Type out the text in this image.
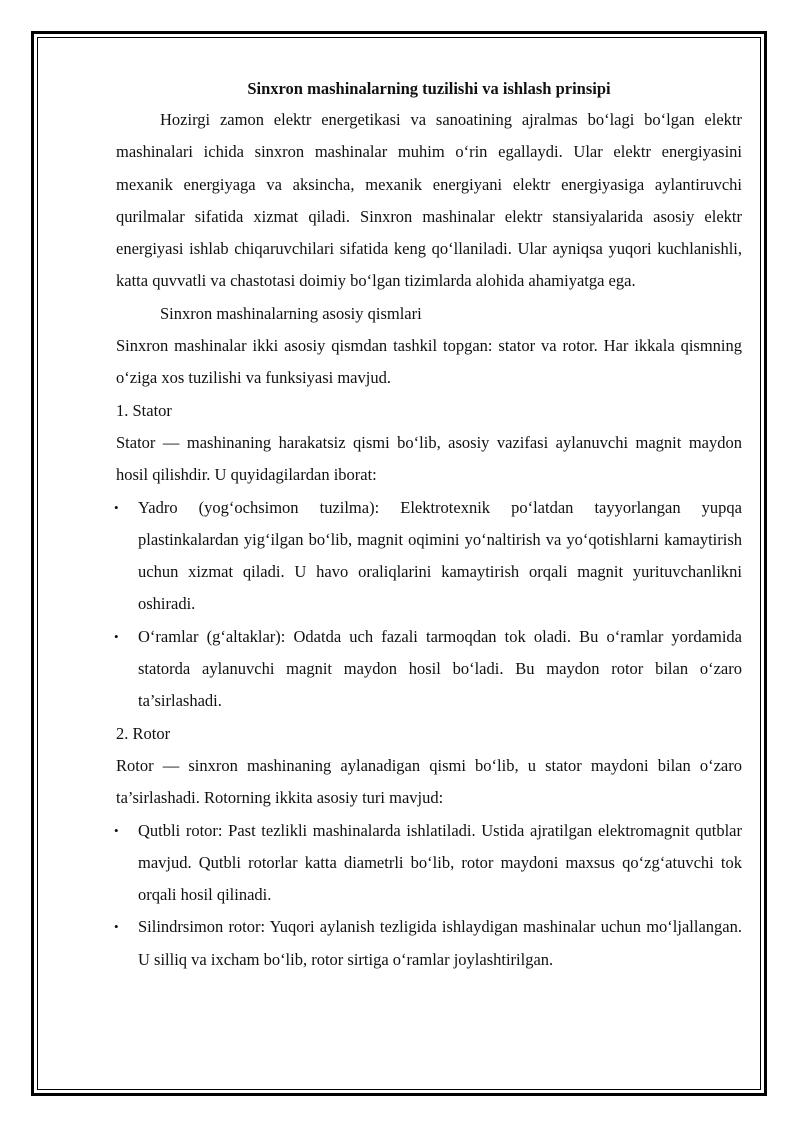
Sinxron mashinalarning tuzilishi va ishlash prinsipi

Hozirgi zamon elektr energetikasi va sanoatining ajralmas bo‘lagi bo‘lgan elektr mashinalari ichida sinxron mashinalar muhim o‘rin egallaydi. Ular elektr energiyasini mexanik energiyaga va aksincha, mexanik energiyani elektr energiyasiga aylantiruvchi qurilmalar sifatida xizmat qiladi. Sinxron mashinalar elektr stansiyalarida asosiy elektr energiyasi ishlab chiqaruvchilari sifatida keng qo‘llaniladi. Ular ayniqsa yuqori kuchlanishli, katta quvvatli va chastotasi doimiy bo‘lgan tizimlarda alohida ahamiyatga ega.

Sinxron mashinalarning asosiy qismlari

Sinxron mashinalar ikki asosiy qismdan tashkil topgan: stator va rotor. Har ikkala qismning o‘ziga xos tuzilishi va funksiyasi mavjud.

1. Stator

Stator — mashinaning harakatsiz qismi bo‘lib, asosiy vazifasi aylanuvchi magnit maydon hosil qilishdir. U quyidagilardan iborat:

• Yadro (yog‘ochsimon tuzilma): Elektrotexnik po‘latdan tayyorlangan yupqa plastinkalardan yig‘ilgan bo‘lib, magnit oqimini yo‘naltirish va yo‘qotishlarni kamaytirish uchun xizmat qiladi. U havo oraliqlarini kamaytirish orqali magnit yurituvchanlikni oshiradi.
• O‘ramlar (g‘altaklar): Odatda uch fazali tarmoqdan tok oladi. Bu o‘ramlar yordamida statorda aylanuvchi magnit maydon hosil bo‘ladi. Bu maydon rotor bilan o‘zaro ta’sirlashadi.

2. Rotor

Rotor — sinxron mashinaning aylanadigan qismi bo‘lib, u stator maydoni bilan o‘zaro ta’sirlashadi. Rotorning ikkita asosiy turi mavjud:

• Qutbli rotor: Past tezlikli mashinalarda ishlatiladi. Ustida ajratilgan elektromagnit qutblar mavjud. Qutbli rotorlar katta diametrli bo‘lib, rotor maydoni maxsus qo‘zg‘atuvchi tok orqali hosil qilinadi.
• Silindrsimon rotor: Yuqori aylanish tezligida ishlaydigan mashinalar uchun mo‘ljallangan. U silliq va ixcham bo‘lib, rotor sirtiga o‘ramlar joylashtirilgan.
